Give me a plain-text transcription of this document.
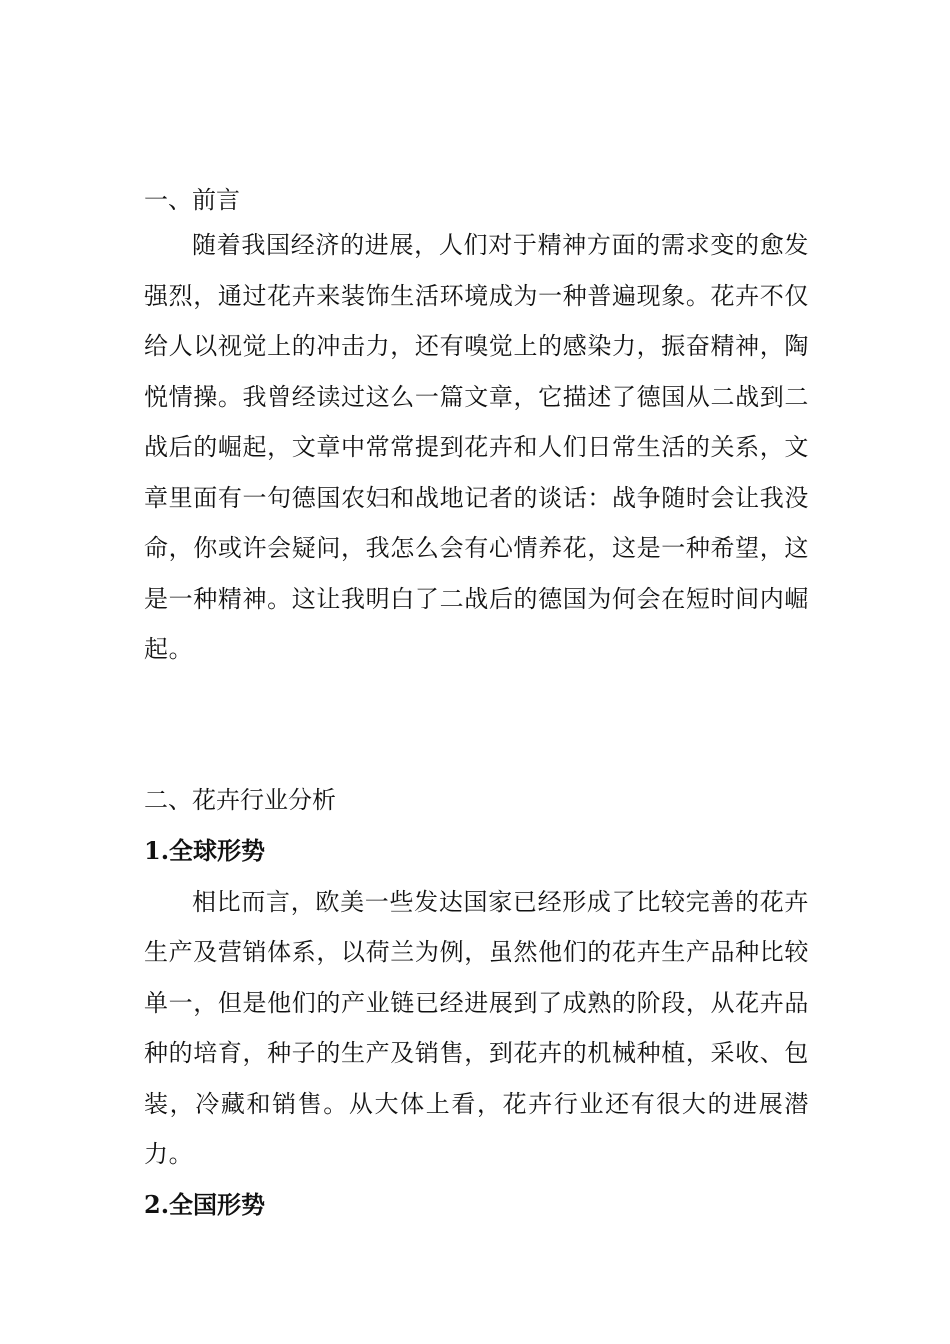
一、前言

随着我国经济的进展，人们对于精神方面的需求变的愈发强烈，通过花卉来装饰生活环境成为一种普遍现象。花卉不仅给人以视觉上的冲击力，还有嗅觉上的感染力，振奋精神，陶悦情操。我曾经读过这么一篇文章，它描述了德国从二战到二战后的崛起，文章中常常提到花卉和人们日常生活的关系，文章里面有一句德国农妇和战地记者的谈话：战争随时会让我没命，你或许会疑问，我怎么会有心情养花，这是一种希望，这是一种精神。这让我明白了二战后的德国为何会在短时间内崛起。

二、花卉行业分析
1.全球形势

相比而言，欧美一些发达国家已经形成了比较完善的花卉生产及营销体系，以荷兰为例，虽然他们的花卉生产品种比较单一，但是他们的产业链已经进展到了成熟的阶段，从花卉品种的培育，种子的生产及销售，到花卉的机械种植，采收、包装，冷藏和销售。从大体上看，花卉行业还有很大的进展潜力。

2.全国形势
